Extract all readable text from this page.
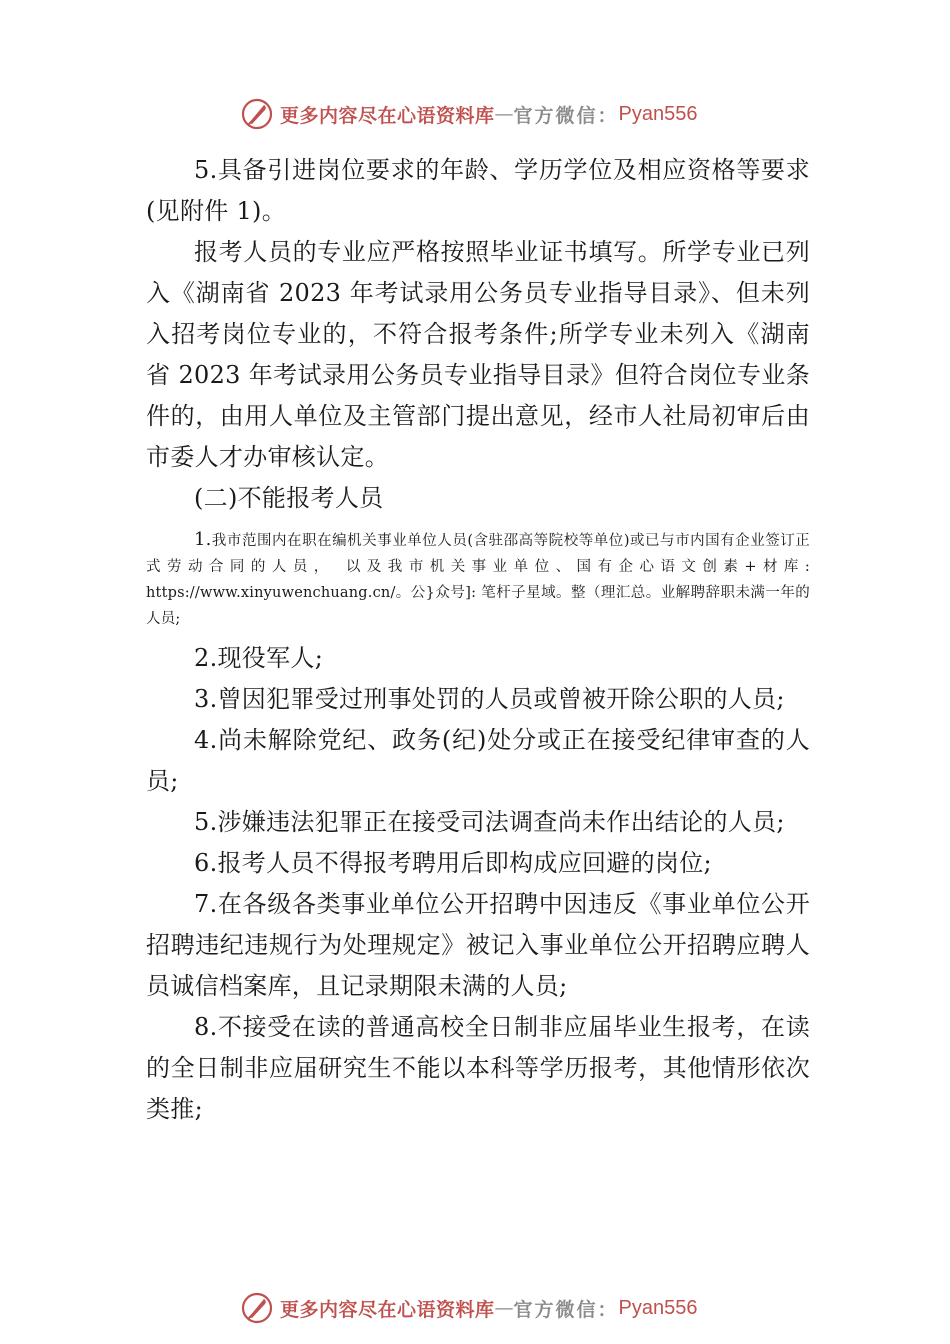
更多内容尽在心语资料库 — 官方微信： Pyan556

5.具备引进岗位要求的年龄、学历学位及相应资格等要求(见附件 1)。

报考人员的专业应严格按照毕业证书填写。所学专业已列入《湖南省 2023 年考试录用公务员专业指导目录》、但未列入招考岗位专业的，不符合报考条件;所学专业未列入《湖南省 2023 年考试录用公务员专业指导目录》但符合岗位专业条件的，由用人单位及主管部门提出意见，经市人社局初审后由市委人才办审核认定。

(二)不能报考人员

1.我市范围内在职在编机关事业单位人员(含驻邵高等院校等单位)或已与市内国有企业签订正式劳动合同的人员， 以及我市机关事业单位、国有企心语文创素+材库: https://www.xinyuwenchuang.cn/。公}众号]: 笔杆子星域。整（理汇总。业解聘辞职未满一年的人员;

2.现役军人;

3.曾因犯罪受过刑事处罚的人员或曾被开除公职的人员;

4.尚未解除党纪、政务(纪)处分或正在接受纪律审查的人员;

5.涉嫌违法犯罪正在接受司法调查尚未作出结论的人员;

6.报考人员不得报考聘用后即构成应回避的岗位;

7.在各级各类事业单位公开招聘中因违反《事业单位公开招聘违纪违规行为处理规定》被记入事业单位公开招聘应聘人员诚信档案库，且记录期限未满的人员;

8.不接受在读的普通高校全日制非应届毕业生报考，在读的全日制非应届研究生不能以本科等学历报考，其他情形依次类推;

更多内容尽在心语资料库 — 官方微信： Pyan556
